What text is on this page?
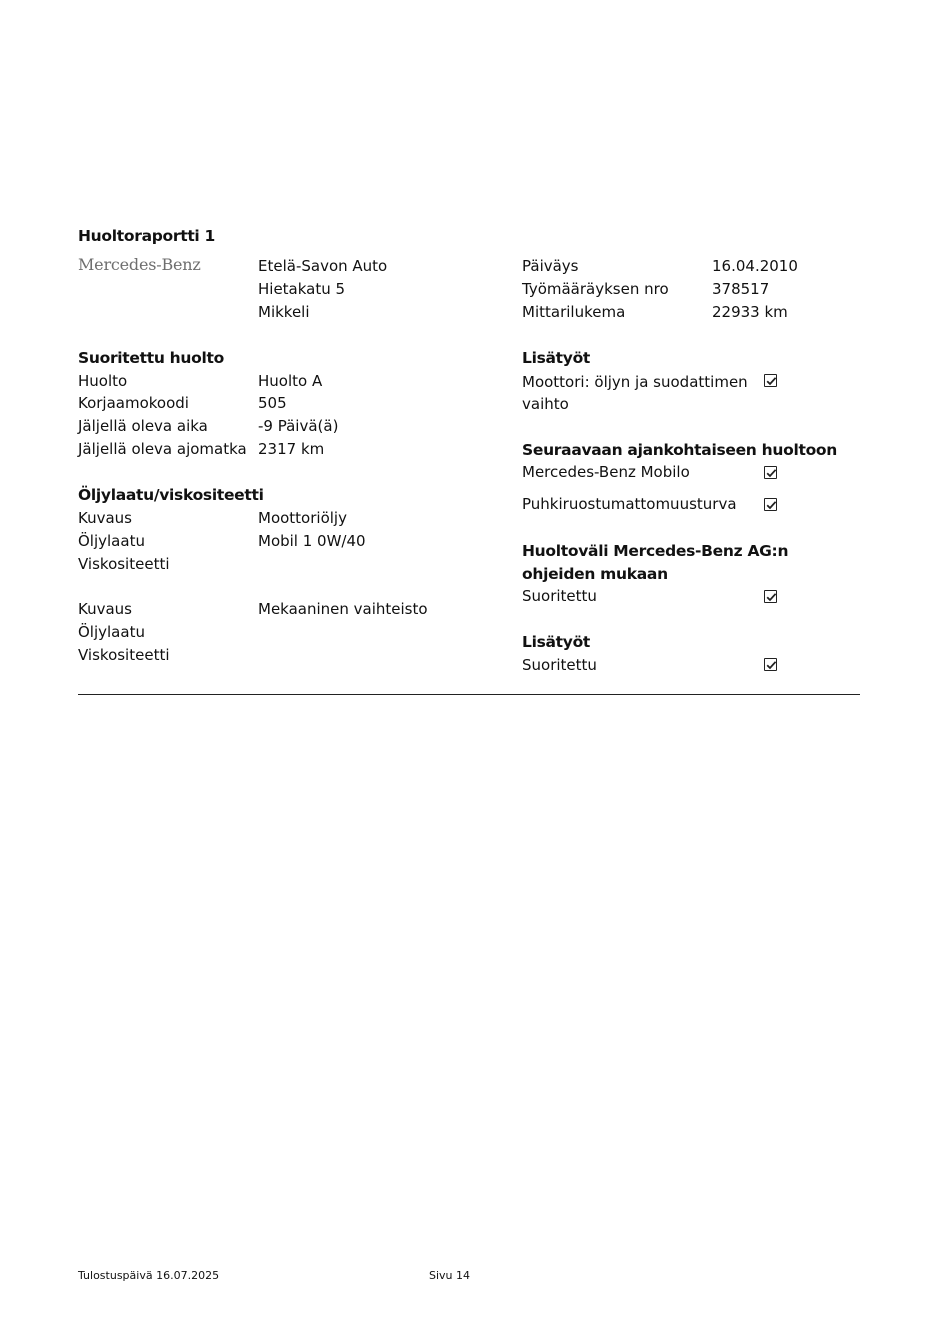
Huoltoraportti 1
Mercedes-Benz	Etelä-Savon Auto
Hietakatu 5
Mikkeli
Päiväys	16.04.2010
Työmääräyksen nro	378517
Mittarilukema	22933 km
Suoritettu huolto
Huolto	Huolto A
Korjaamokoodi	505
Jäljellä oleva aika	-9 Päivä(ä)
Jäljellä oleva ajomatka 2317 km
Öljylaatu/viskositeetti
Kuvaus	Moottoriöljy
Öljylaatu	Mobil 1 0W/40
Viskositeetti
Kuvaus	Mekaaninen vaihteisto
Öljylaatu
Viskositeetti
Lisätyöt
Moottori: öljyn ja suodattimen vaihto
Seuraavaan ajankohtaiseen huoltoon
Mercedes-Benz Mobilo
Puhkiruostumattomuusturva
Huoltoväli Mercedes-Benz AG:n ohjeiden mukaan
Suoritettu
Lisätyöt
Suoritettu
Tulostuspäivä 16.07.2025	Sivu 14
